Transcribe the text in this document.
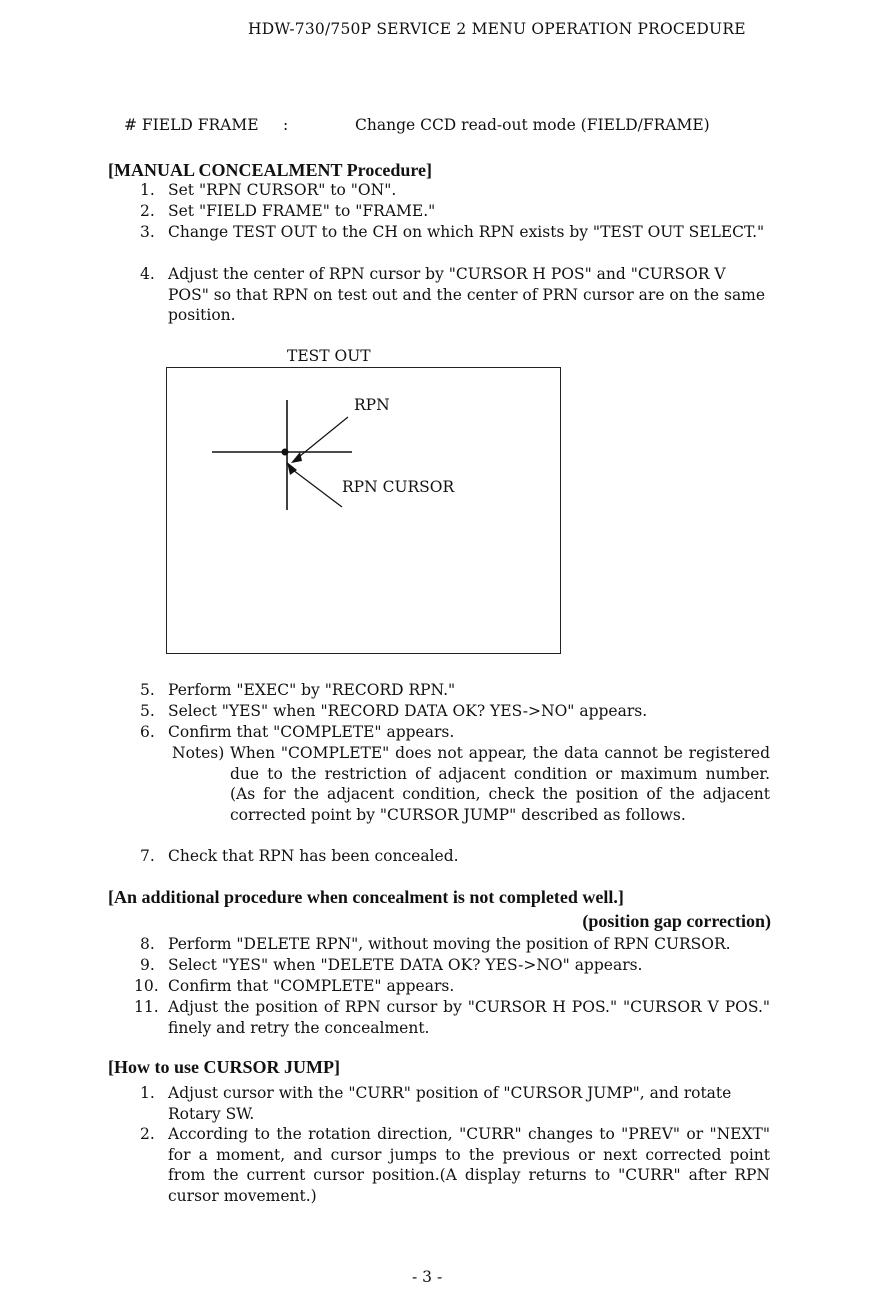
HDW-730/750P SERVICE 2 MENU OPERATION PROCEDURE
# FIELD FRAME :	Change CCD read-out mode (FIELD/FRAME)
[MANUAL CONCEALMENT Procedure]
1. Set "RPN CURSOR" to "ON".
2. Set "FIELD FRAME" to "FRAME."
3. Change TEST OUT to the CH on which RPN exists by "TEST OUT SELECT."
4. Adjust the center of RPN cursor by "CURSOR H POS" and "CURSOR V POS" so that RPN on test out and the center of PRN cursor are on the same position.
TEST OUT
RPN
RPN CURSOR
5. Perform "EXEC" by "RECORD RPN."
5. Select "YES" when "RECORD DATA OK? YES->NO" appears.
6. Confirm that "COMPLETE" appears.
Notes) When "COMPLETE" does not appear, the data cannot be registered due to the restriction of adjacent condition or maximum number. (As for the adjacent condition, check the position of the adjacent corrected point by "CURSOR JUMP" described as follows.
7. Check that RPN has been concealed.
[An additional procedure when concealment is not completed well.]
(position gap correction)
8. Perform "DELETE RPN", without moving the position of RPN CURSOR.
9. Select "YES" when "DELETE DATA OK? YES->NO" appears.
10. Confirm that "COMPLETE" appears.
11. Adjust the position of RPN cursor by "CURSOR H POS." "CURSOR V POS." finely and retry the concealment.
[How to use CURSOR JUMP]
1. Adjust cursor with the "CURR" position of "CURSOR JUMP", and rotate Rotary SW.
2. According to the rotation direction, "CURR" changes to "PREV" or "NEXT" for a moment, and cursor jumps to the previous or next corrected point from the current cursor position.(A display returns to "CURR" after RPN cursor movement.)
- 3 -
